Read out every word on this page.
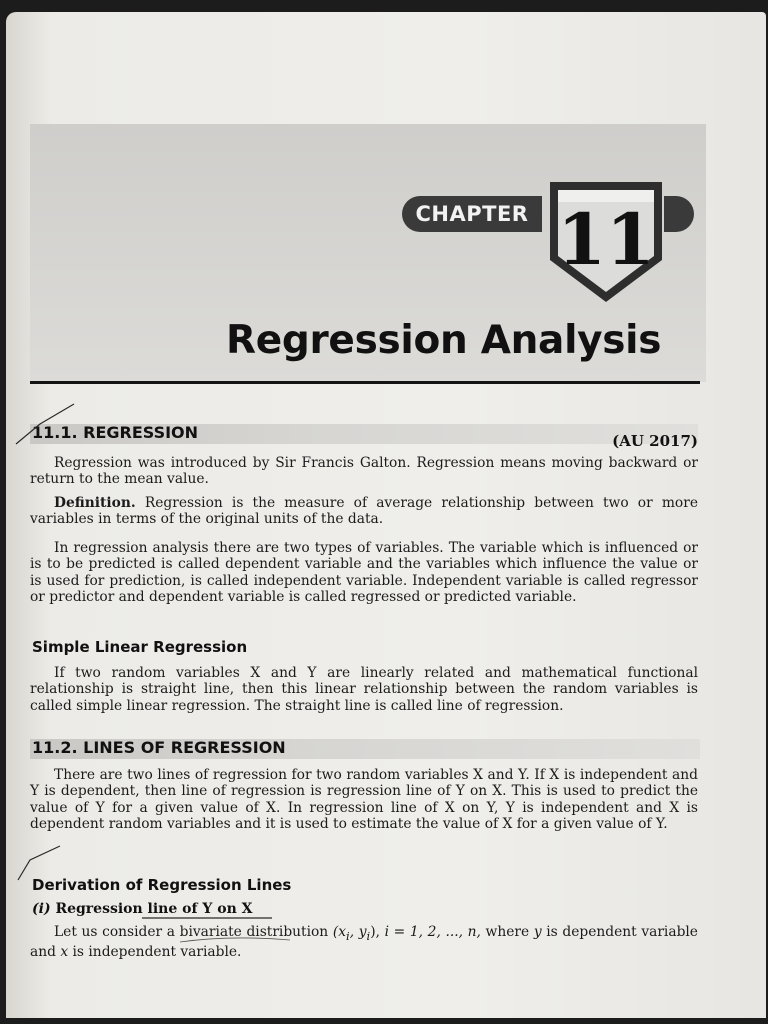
CHAPTER 11
Regression Analysis
11.1. REGRESSION	(AU 2017)

Regression was introduced by Sir Francis Galton. Regression means moving backward or return to the mean value.

Definition. Regression is the measure of average relationship between two or more variables in terms of the original units of the data.

In regression analysis there are two types of variables. The variable which is influenced or is to be predicted is called dependent variable and the variables which influence the value or is used for prediction, is called independent variable. Independent variable is called regressor or predictor and dependent variable is called regressed or predicted variable.

Simple Linear Regression

If two random variables X and Y are linearly related and mathematical functional relationship is straight line, then this linear relationship between the random variables is called simple linear regression. The straight line is called line of regression.

11.2. LINES OF REGRESSION

There are two lines of regression for two random variables X and Y. If X is independent and Y is dependent, then line of regression is regression line of Y on X. This is used to predict the value of Y for a given value of X. In regression line of X on Y, Y is independent and X is dependent random variables and it is used to estimate the value of X for a given value of Y.

Derivation of Regression Lines
(i) Regression line of Y on X

Let us consider a bivariate distribution ($x_i$, $y_i$), i = 1, 2, ..., n, where y is dependent variable and x is independent variable.
